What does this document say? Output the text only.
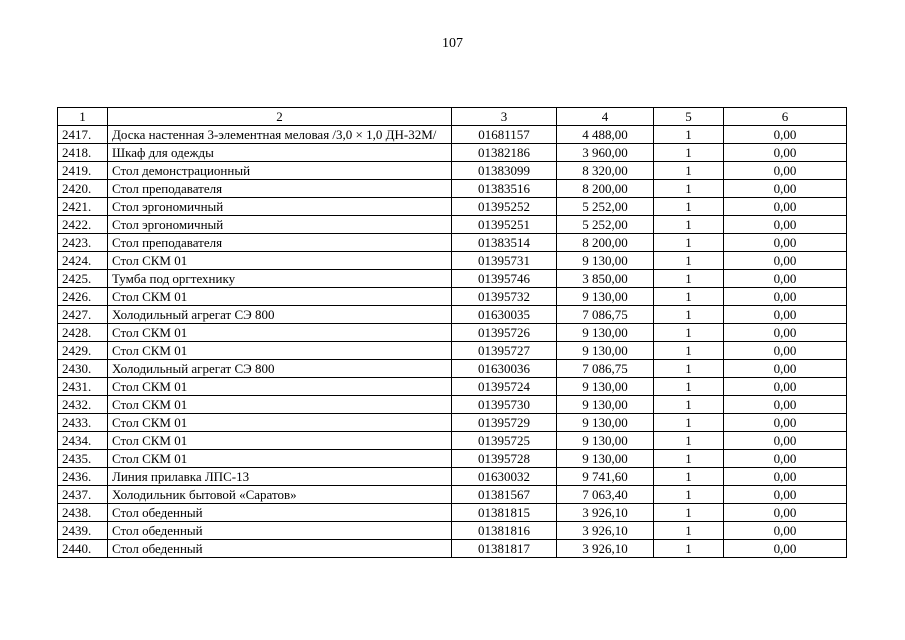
107
1	2	3	4	5	6
2417.	Доска настенная 3-элементная меловая /3,0 × 1,0 ДН-32М/	01681157	4 488,00	1	0,00
2418.	Шкаф для одежды	01382186	3 960,00	1	0,00
2419.	Стол демонстрационный	01383099	8 320,00	1	0,00
2420.	Стол преподавателя	01383516	8 200,00	1	0,00
2421.	Стол эргономичный	01395252	5 252,00	1	0,00
2422.	Стол эргономичный	01395251	5 252,00	1	0,00
2423.	Стол преподавателя	01383514	8 200,00	1	0,00
2424.	Стол СКМ 01	01395731	9 130,00	1	0,00
2425.	Тумба под оргтехнику	01395746	3 850,00	1	0,00
2426.	Стол СКМ 01	01395732	9 130,00	1	0,00
2427.	Холодильный агрегат СЭ 800	01630035	7 086,75	1	0,00
2428.	Стол СКМ 01	01395726	9 130,00	1	0,00
2429.	Стол СКМ 01	01395727	9 130,00	1	0,00
2430.	Холодильный агрегат СЭ 800	01630036	7 086,75	1	0,00
2431.	Стол СКМ 01	01395724	9 130,00	1	0,00
2432.	Стол СКМ 01	01395730	9 130,00	1	0,00
2433.	Стол СКМ 01	01395729	9 130,00	1	0,00
2434.	Стол СКМ 01	01395725	9 130,00	1	0,00
2435.	Стол СКМ 01	01395728	9 130,00	1	0,00
2436.	Линия прилавка ЛПС-13	01630032	9 741,60	1	0,00
2437.	Холодильник бытовой «Саратов»	01381567	7 063,40	1	0,00
2438.	Стол обеденный	01381815	3 926,10	1	0,00
2439.	Стол обеденный	01381816	3 926,10	1	0,00
2440.	Стол обеденный	01381817	3 926,10	1	0,00
